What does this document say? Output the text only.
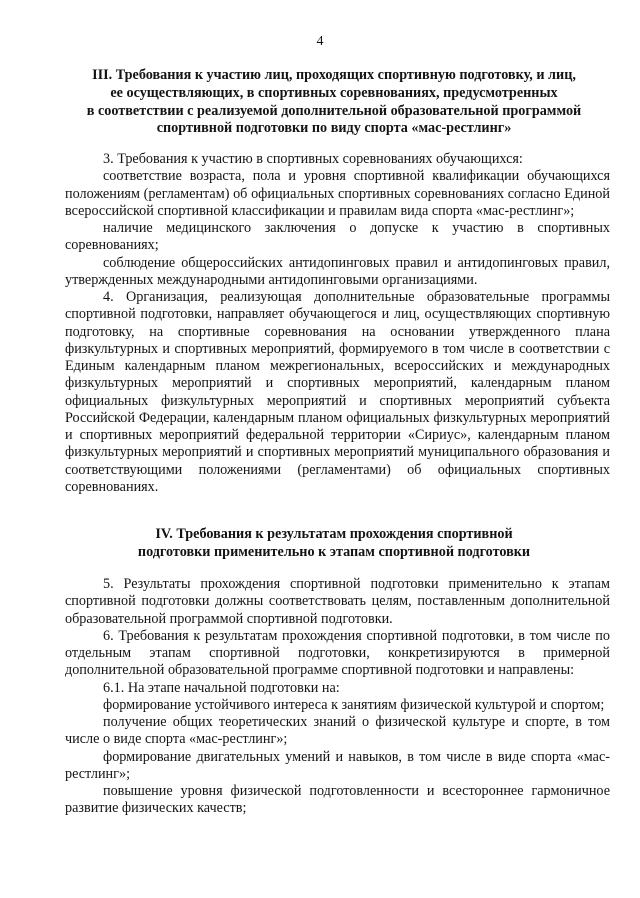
4
III. Требования к участию лиц, проходящих спортивную подготовку, и лиц,
ее осуществляющих, в спортивных соревнованиях, предусмотренных
в соответствии с реализуемой дополнительной образовательной программой
спортивной подготовки по виду спорта «мас-рестлинг»

3. Требования к участию в спортивных соревнованиях обучающихся:

соответствие возраста, пола и уровня спортивной квалификации обучающихся положениям (регламентам) об официальных спортивных соревнованиях согласно Единой всероссийской спортивной классификации и правилам вида спорта «мас-рестлинг»;

наличие медицинского заключения о допуске к участию в спортивных соревнованиях;

соблюдение общероссийских антидопинговых правил и антидопинговых правил, утвержденных международными антидопинговыми организациями.

4. Организация, реализующая дополнительные образовательные программы спортивной подготовки, направляет обучающегося и лиц, осуществляющих спортивную подготовку, на спортивные соревнования на основании утвержденного плана физкультурных и спортивных мероприятий, формируемого в том числе в соответствии с Единым календарным планом межрегиональных, всероссийских и международных физкультурных мероприятий и спортивных мероприятий, календарным планом официальных физкультурных мероприятий и спортивных мероприятий субъекта Российской Федерации, календарным планом официальных физкультурных мероприятий и спортивных мероприятий федеральной территории «Сириус», календарным планом физкультурных мероприятий и спортивных мероприятий муниципального образования и соответствующими положениями (регламентами) об официальных спортивных соревнованиях.

IV. Требования к результатам прохождения спортивной
подготовки применительно к этапам спортивной подготовки

5. Результаты прохождения спортивной подготовки применительно к этапам спортивной подготовки должны соответствовать целям, поставленным дополнительной образовательной программой спортивной подготовки.

6. Требования к результатам прохождения спортивной подготовки, в том числе по отдельным этапам спортивной подготовки, конкретизируются в примерной дополнительной образовательной программе спортивной подготовки и направлены:

6.1. На этапе начальной подготовки на:

формирование устойчивого интереса к занятиям физической культурой и спортом;

получение общих теоретических знаний о физической культуре и спорте, в том числе о виде спорта «мас-рестлинг»;

формирование двигательных умений и навыков, в том числе в виде спорта «мас-рестлинг»;

повышение уровня физической подготовленности и всестороннее гармоничное развитие физических качеств;
